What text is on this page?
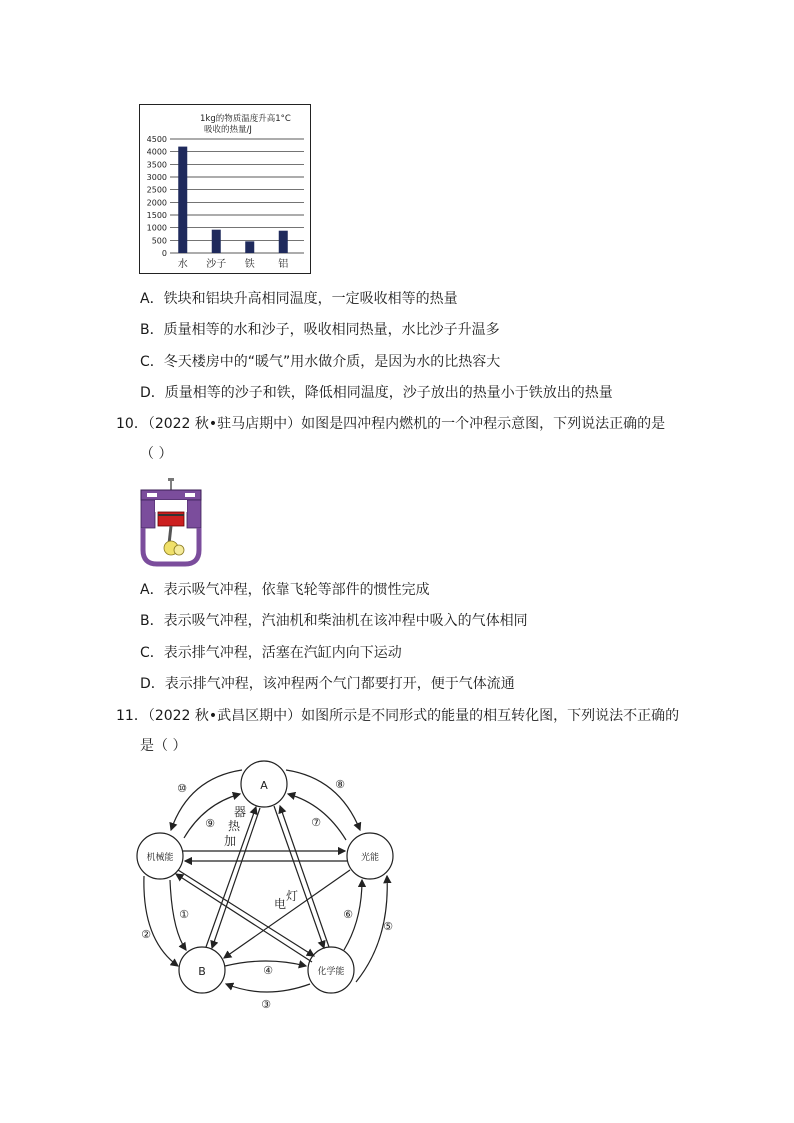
1kg的物质温度升高1°C
吸收的热量/J
4500
4000
3500
3000
2500
2000
1500
1000
500
0
水 沙子 铁 铝
A．铁块和铝块升高相同温度，一定吸收相等的热量
B．质量相等的水和沙子，吸收相同热量，水比沙子升温多
C．冬天楼房中的“暖气”用水做介质，是因为水的比热容大
D．质量相等的沙子和铁，降低相同温度，沙子放出的热量小于铁放出的热量
10．（2022 秋•驻马店期中）如图是四冲程内燃机的一个冲程示意图，下列说法正确的是
（ ）
A．表示吸气冲程，依靠飞轮等部件的惯性完成
B．表示吸气冲程，汽油机和柴油机在该冲程中吸入的气体相同
C．表示排气冲程，活塞在汽缸内向下运动
D．表示排气冲程，该冲程两个气门都要打开，便于气体流通
11．（2022 秋•武昌区期中）如图所示是不同形式的能量的相互转化图，下列说法不正确的
是（ ）
A
机械能	光能
B	化学能
⑩
⑨
⑧
⑦
①
②
③
④
⑤
⑥
器
热
加
灯
电
